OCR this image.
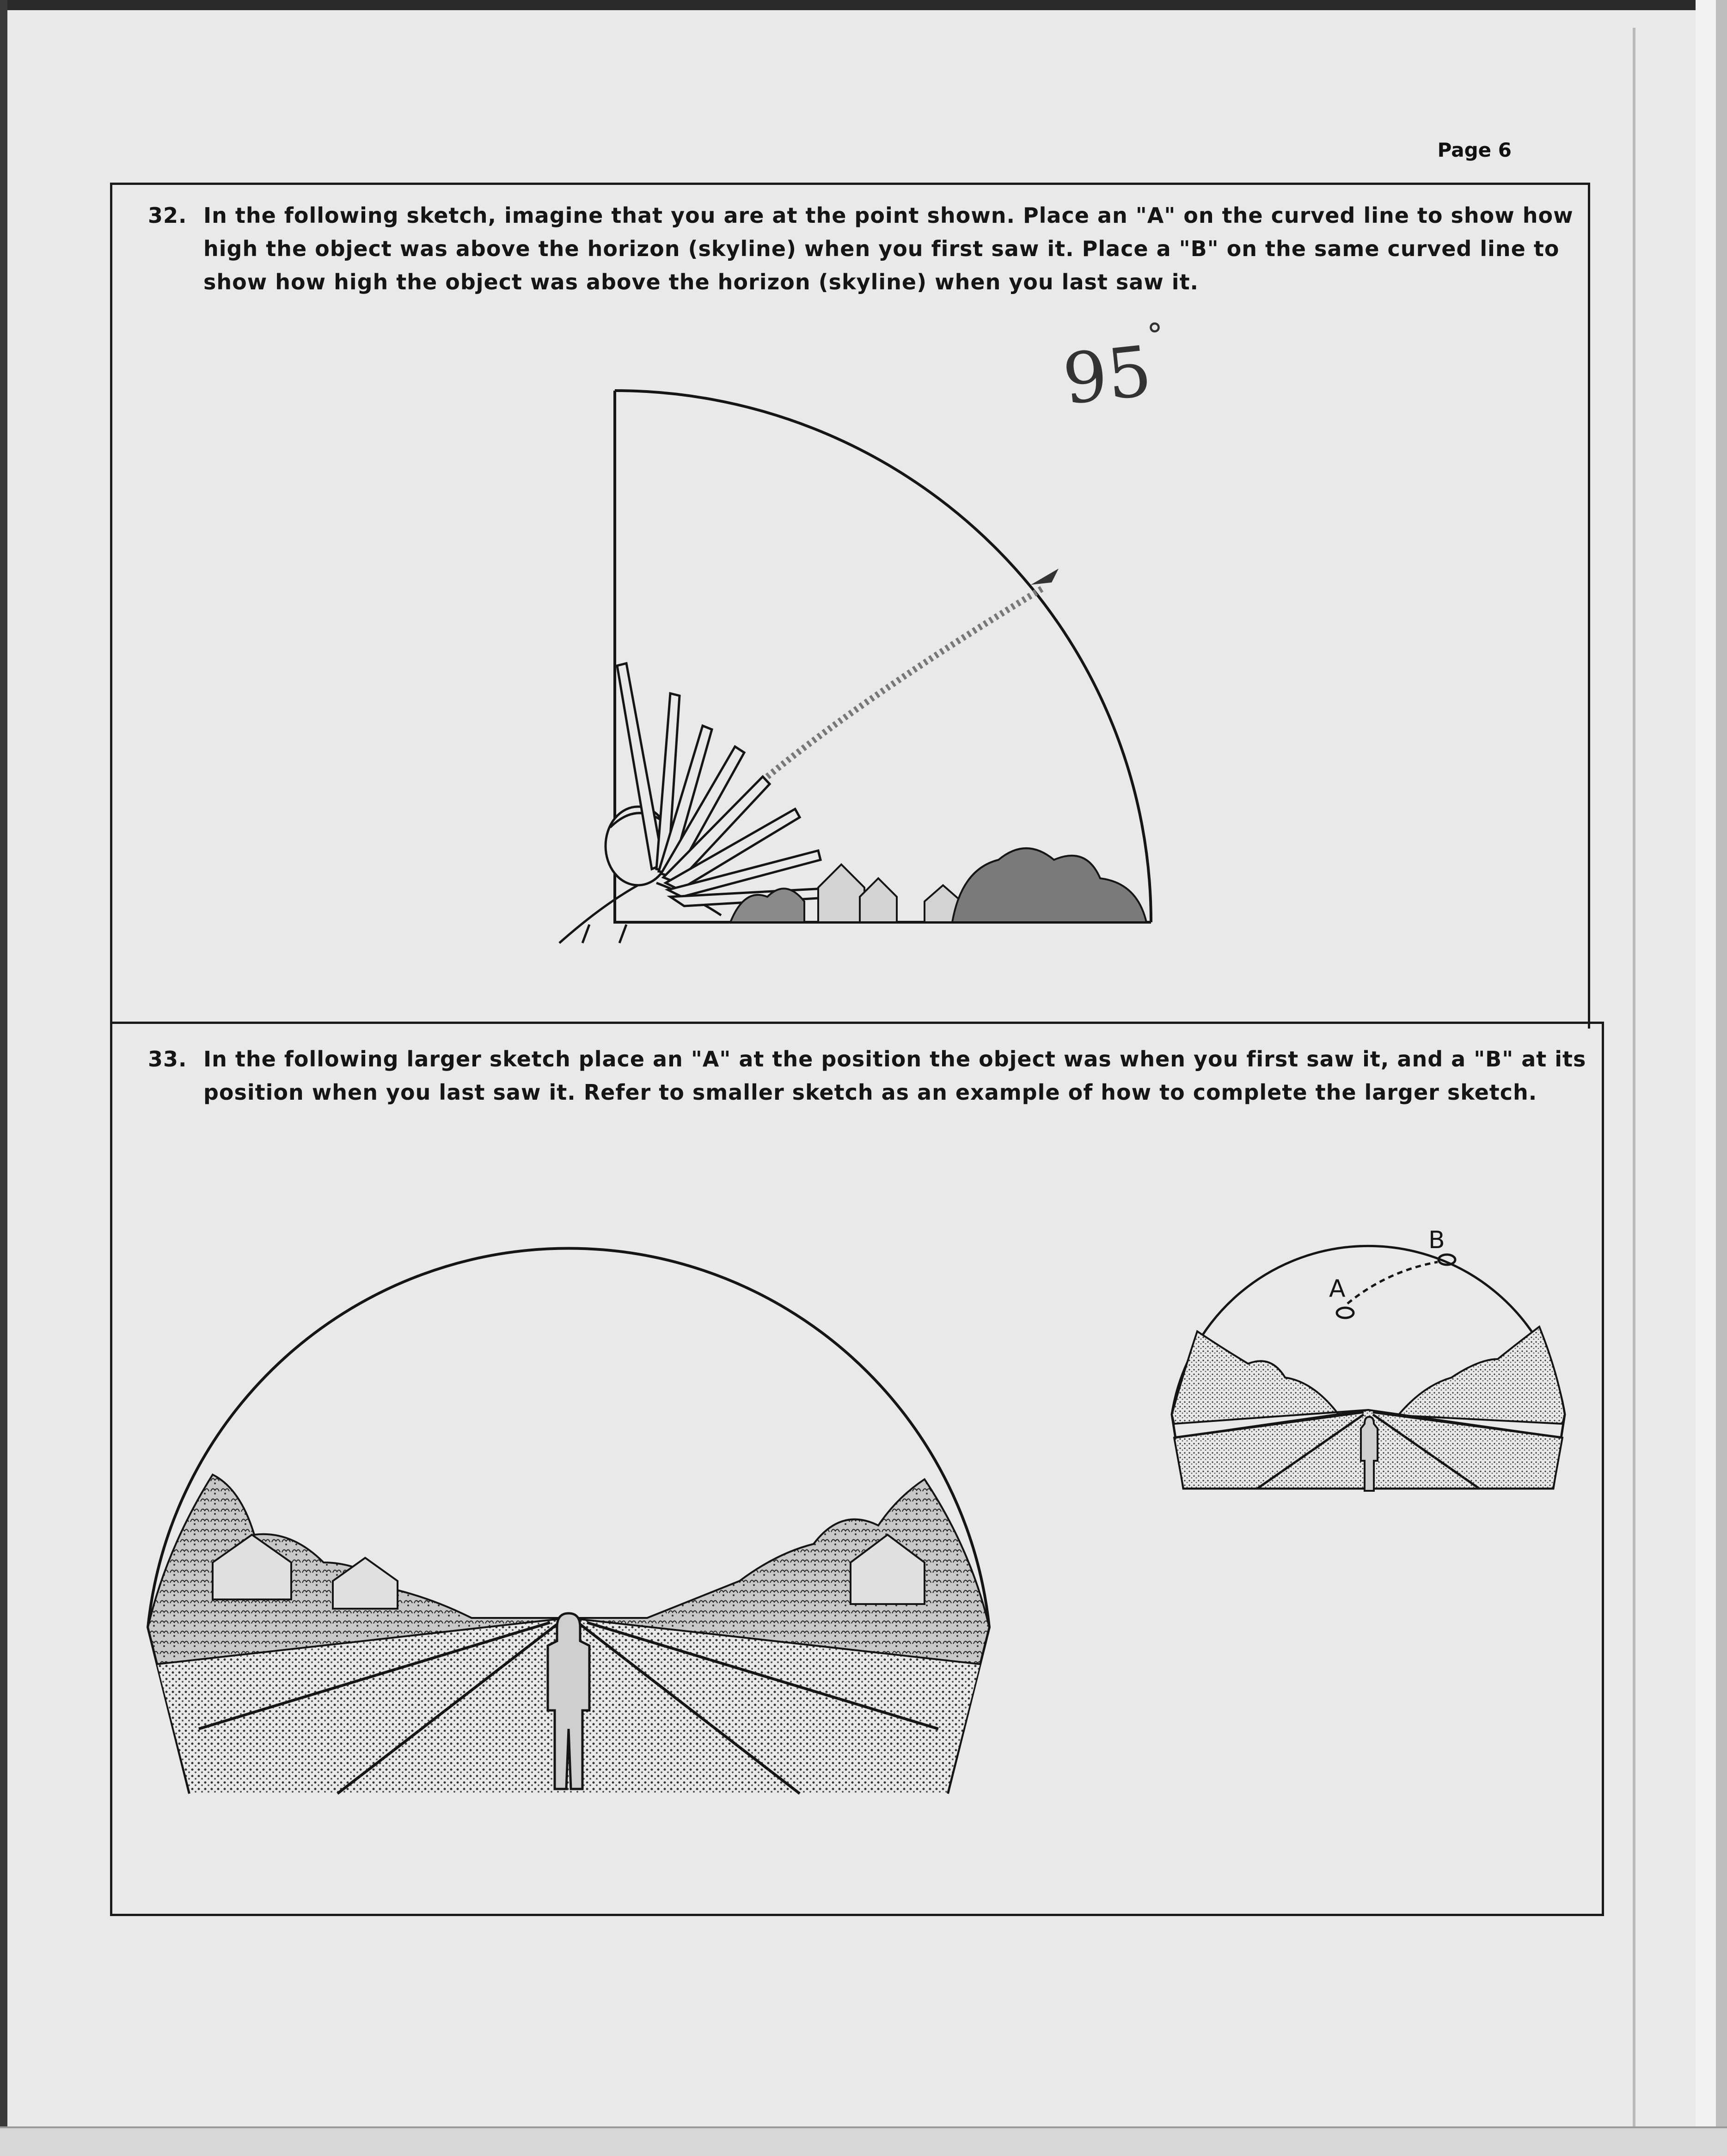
Page 6
32. In the following sketch, imagine that you are at the point shown. Place an "A" on the curved line to show how
high the object was above the horizon (skyline) when you first saw it. Place a "B" on the same curved line to
show how high the object was above the horizon (skyline) when you last saw it.
95°
33. In the following larger sketch place an "A" at the position the object was when you first saw it, and a "B" at its
position when you last saw it. Refer to smaller sketch as an example of how to complete the larger sketch.
A
B
